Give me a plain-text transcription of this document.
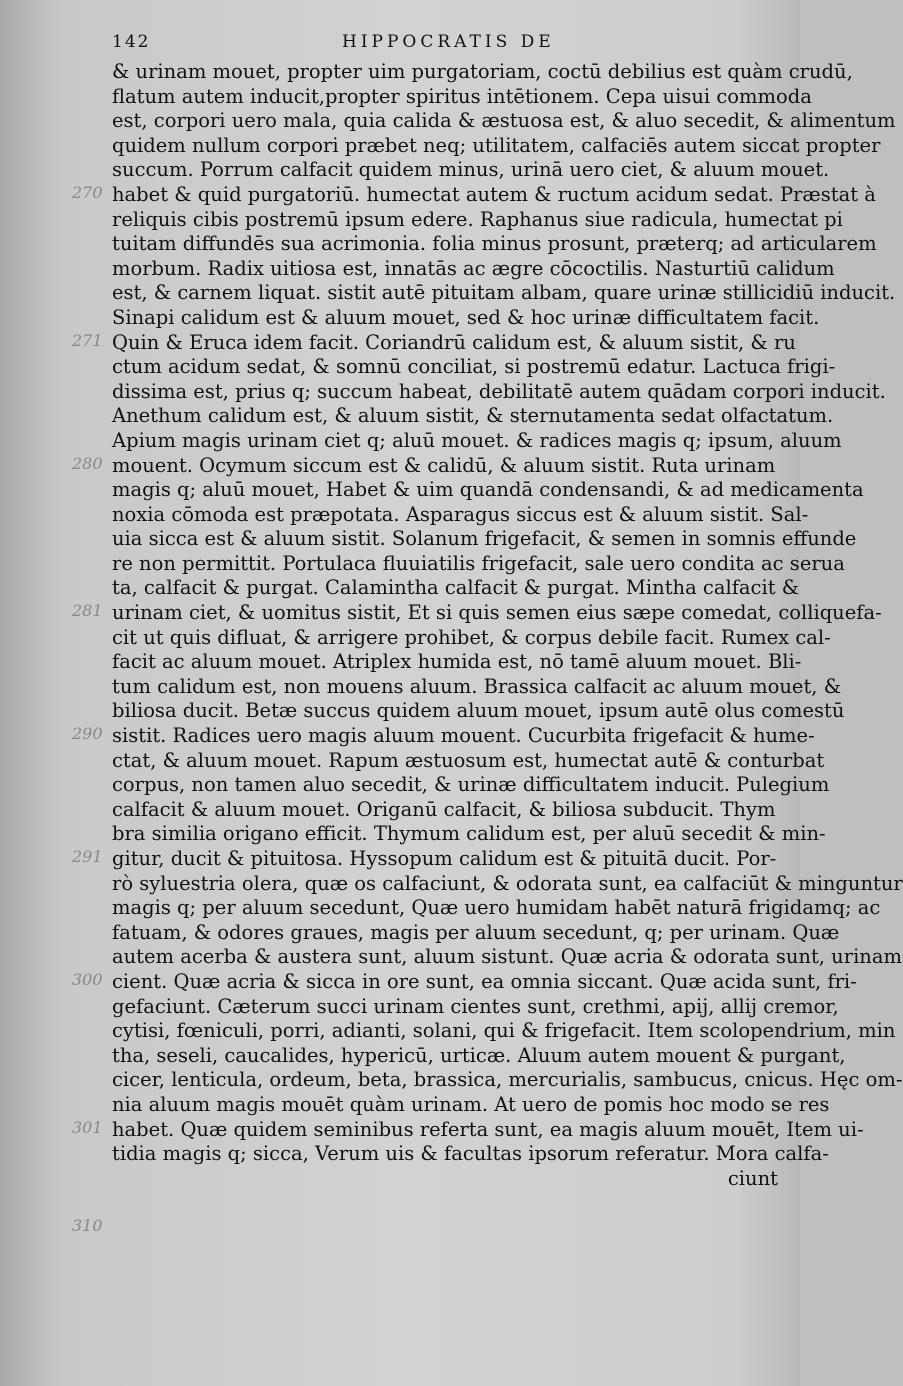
142	HIPPOCRATIS DE
& urinam mouet, propter uim purgatoriam, coctū debilius est quàm crudū,
flatum autem inducit,propter spiritus intētionem. Cepa uisui commoda
est, corpori uero mala, quia calida & æstuosa est, & aluo secedit, & alimentum
quidem nullum corpori præbet neq; utilitatem, calfaciēs autem siccat propter
succum. Porrum calfacit quidem minus, urinā uero ciet, & aluum mouet.
habet & quid purgatoriū. humectat autem & ructum acidum sedat. Præstat à
reliquis cibis postremū ipsum edere. Raphanus siue radicula, humectat pi
tuitam diffundēs sua acrimonia. folia minus prosunt, præterq; ad articularem
morbum. Radix uitiosa est, innatās ac ægre cōcoctilis. Nasturtiū calidum
est, & carnem liquat. sistit autē pituitam albam, quare urinæ stillicidiū inducit.
Sinapi calidum est & aluum mouet, sed & hoc urinæ difficultatem facit.
Quin & Eruca idem facit. Coriandrū calidum est, & aluum sistit, & ru
ctum acidum sedat, & somnū conciliat, si postremū edatur. Lactuca frigi-
dissima est, prius q; succum habeat, debilitatē autem quādam corpori inducit.
Anethum calidum est, & aluum sistit, & sternutamenta sedat olfactatum.
Apium magis urinam ciet q; aluū mouet. & radices magis q; ipsum, aluum
mouent. Ocymum siccum est & calidū, & aluum sistit. Ruta urinam
magis q; aluū mouet, Habet & uim quandā condensandi, & ad medicamenta
noxia cōmoda est præpotata. Asparagus siccus est & aluum sistit. Sal-
uia sicca est & aluum sistit. Solanum frigefacit, & semen in somnis effunde
re non permittit. Portulaca fluuiatilis frigefacit, sale uero condita ac serua
ta, calfacit & purgat. Calamintha calfacit & purgat. Mintha calfacit &
urinam ciet, & uomitus sistit, Et si quis semen eius sæpe comedat, colliquefa-
cit ut quis difluat, & arrigere prohibet, & corpus debile facit. Rumex cal-
facit ac aluum mouet. Atriplex humida est, nō tamē aluum mouet. Bli-
tum calidum est, non mouens aluum. Brassica calfacit ac aluum mouet, &
biliosa ducit. Betæ succus quidem aluum mouet, ipsum autē olus comestū
sistit. Radices uero magis aluum mouent. Cucurbita frigefacit & hume-
ctat, & aluum mouet. Rapum æstuosum est, humectat autē & conturbat
corpus, non tamen aluo secedit, & urinæ difficultatem inducit. Pulegium
calfacit & aluum mouet. Origanū calfacit, & biliosa subducit. Thym
bra similia origano efficit. Thymum calidum est, per aluū secedit & min-
gitur, ducit & pituitosa. Hyssopum calidum est & pituitā ducit. Por-
rò syluestria olera, quæ os calfaciunt, & odorata sunt, ea calfaciūt & minguntur
magis q; per aluum secedunt, Quæ uero humidam habēt naturā frigidamq; ac
fatuam, & odores graues, magis per aluum secedunt, q; per urinam. Quæ
autem acerba & austera sunt, aluum sistunt. Quæ acria & odorata sunt, urinam
cient. Quæ acria & sicca in ore sunt, ea omnia siccant. Quæ acida sunt, fri-
gefaciunt. Cæterum succi urinam cientes sunt, crethmi, apij, allij cremor,
cytisi, fœniculi, porri, adianti, solani, qui & frigefacit. Item scolopendrium, min
tha, seseli, caucalides, hypericū, urticæ. Aluum autem mouent & purgant,
cicer, lenticula, ordeum, beta, brassica, mercurialis, sambucus, cnicus. Hęc om-
nia aluum magis mouēt quàm urinam. At uero de pomis hoc modo se res
habet. Quæ quidem seminibus referta sunt, ea magis aluum mouēt, Item ui-
tidia magis q; sicca, Verum uis & facultas ipsorum referatur. Mora calfa-
ciunt
270
271
280
281
290
291
300
301
310
